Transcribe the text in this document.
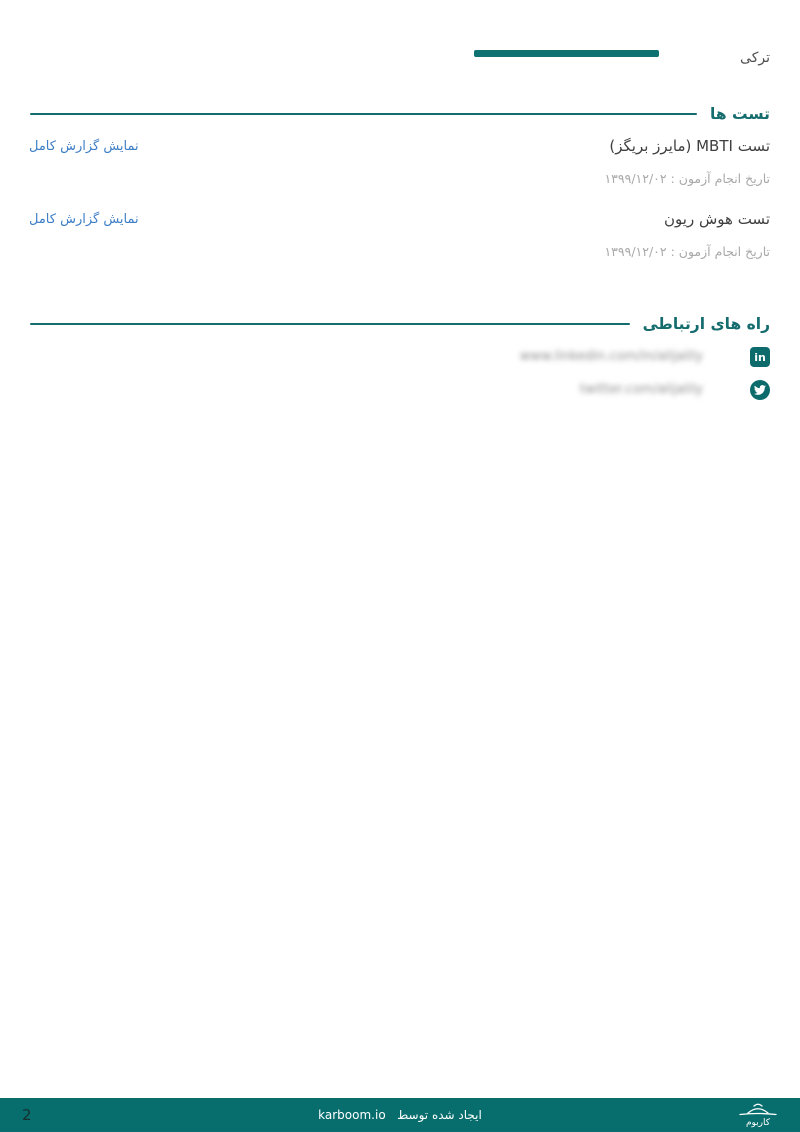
ترکی
تست ها
تست MBTI (مایرز بریگز)
نمایش گزارش کامل
تاریخ انجام آزمون : ۱۳۹۹/۱۲/۰۲
تست هوش ریون
نمایش گزارش کامل
تاریخ انجام آزمون : ۱۳۹۹/۱۲/۰۲
راه های ارتباطی
in
www.linkedin.com/in/alijalily
twitter.com/alijalily
2	ایجاد شده توسط   karboom.io
کاربوم
